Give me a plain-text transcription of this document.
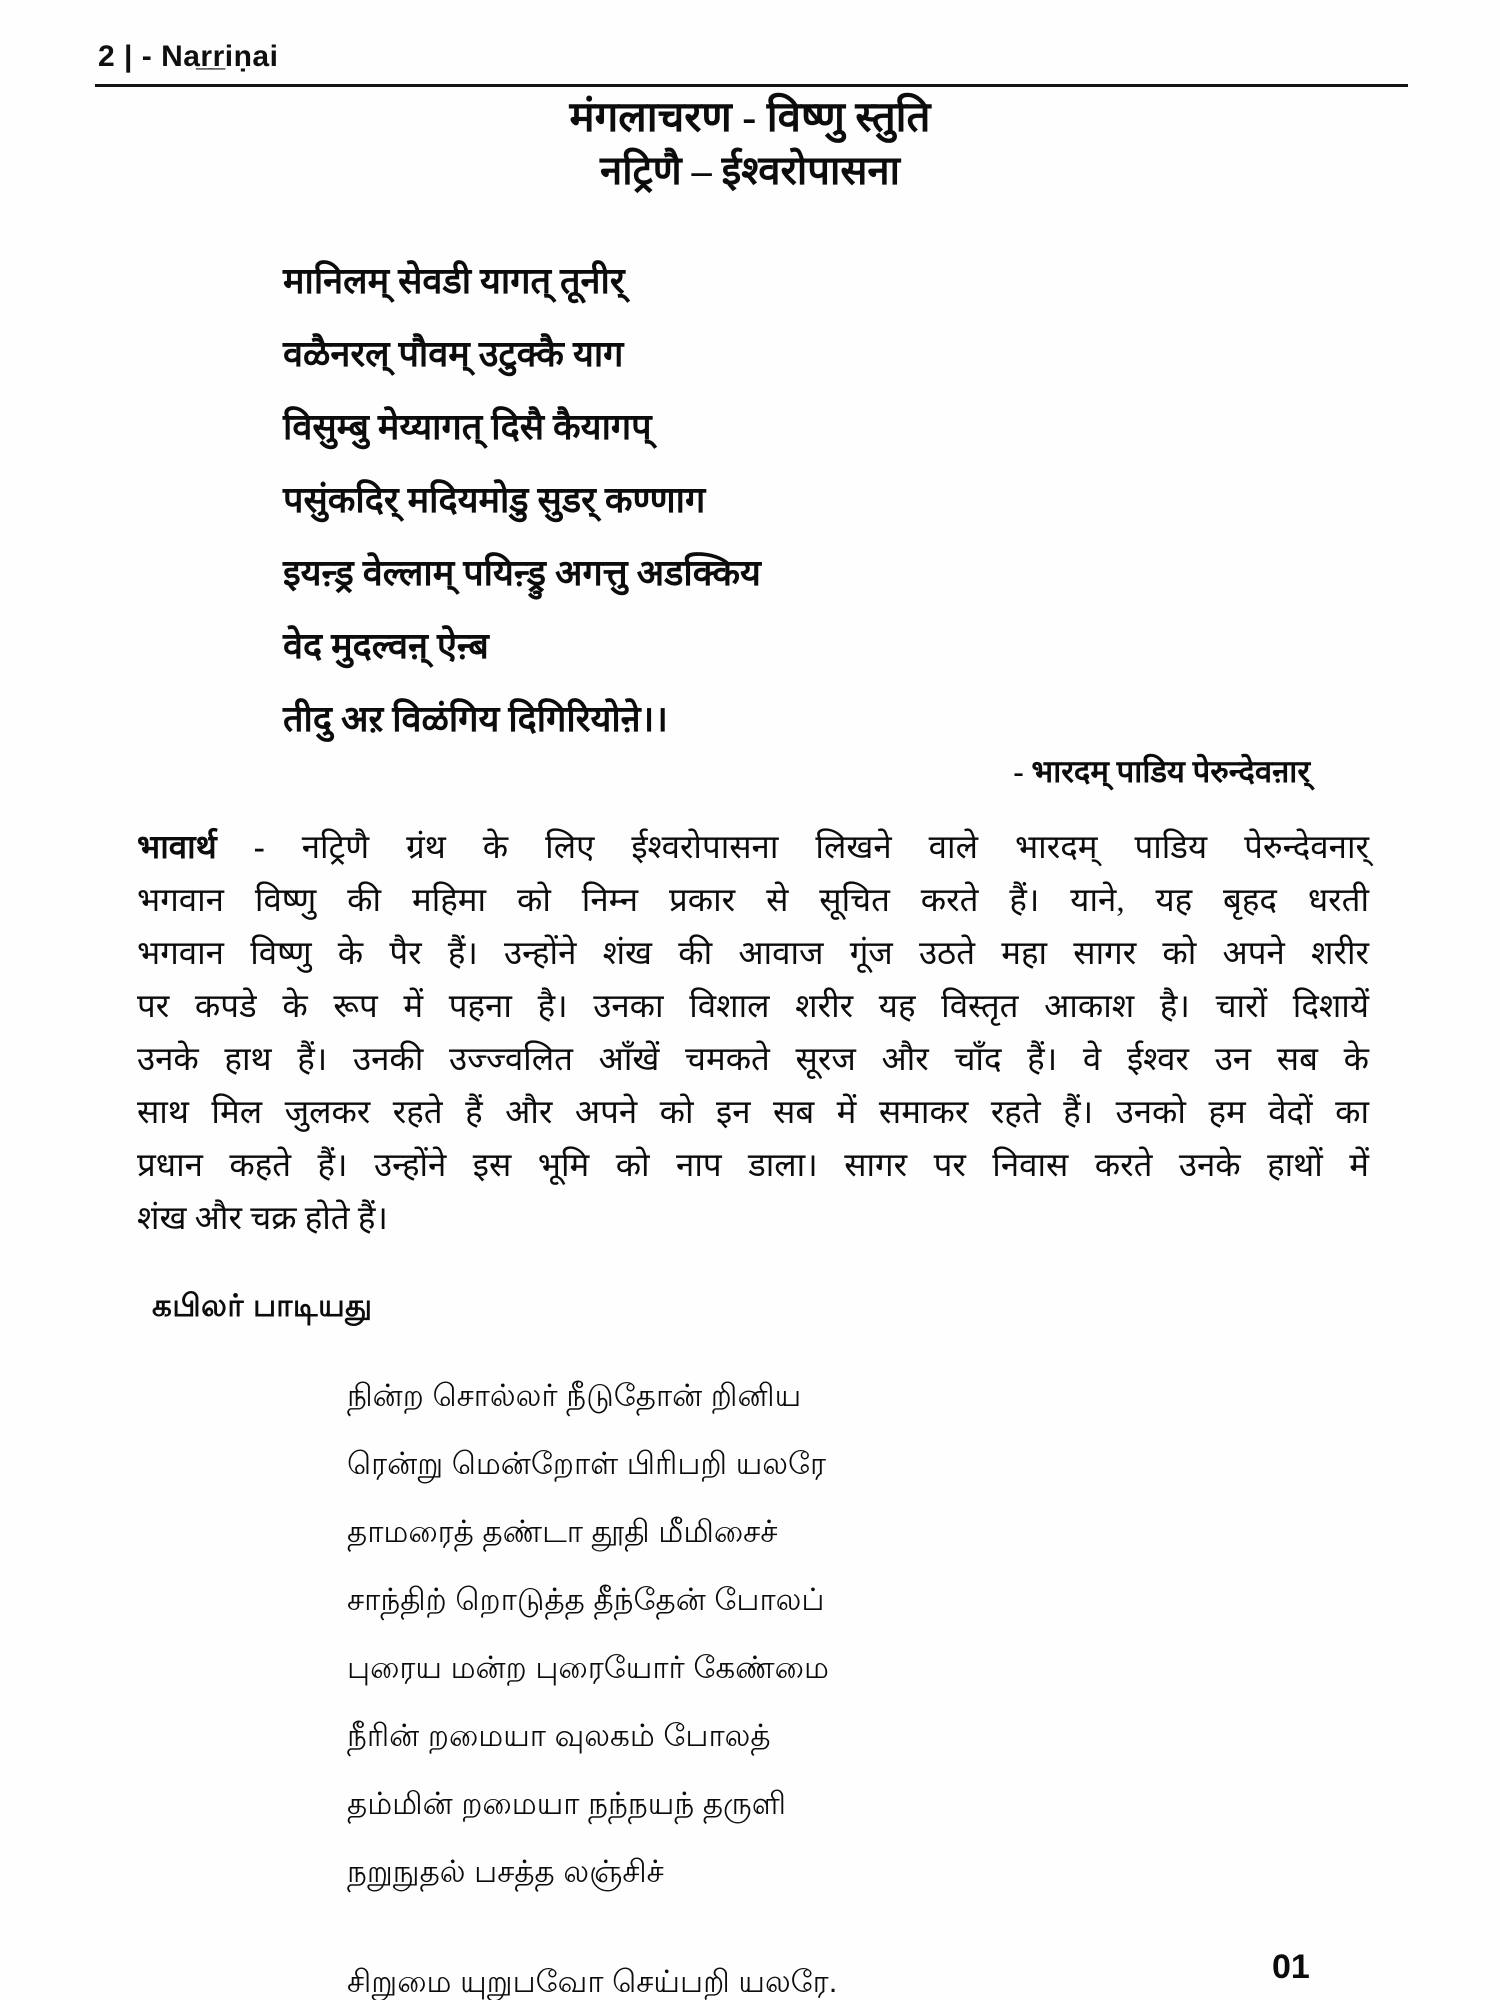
2 | - Nar̲r̲iṇai
मंगलाचरण - विष्णु स्तुति
नट्रिणै – ईश्वरोपासना
मानिलम् सेवडी यागत् तूनीर्
वळैनरल् पौवम् उटुक्कै याग
विसुम्बु मेय्यागत् दिसै कैयागप्
पसुंकदिर् मदियमोडु सुडर् कण्णाग
इयऩ्ड्र वेल्लाम् पयिऩ्ड्रु अगत्तु अडक्किय
वेद मुदल्वऩ् ऐऩ्ब
तीदु अऱ विळंगिय दिगिरियोऩे।।
- भारदम् पाडिय पेरुन्देवऩार्
भावार्थ - नट्रिणै ग्रंथ के लिए ईश्वरोपासना लिखने वाले भारदम् पाडिय पेरुन्देवनार्
भगवान विष्णु की महिमा को निम्न प्रकार से सूचित करते हैं। याने, यह बृहद धरती
भगवान विष्णु के पैर हैं। उन्होंने शंख की आवाज गूंज उठते महा सागर को अपने शरीर
पर कपडे के रूप में पहना है। उनका विशाल शरीर यह विस्तृत आकाश है। चारों दिशायें
उनके हाथ हैं। उनकी उज्ज्वलित आँखें चमकते सूरज और चाँद हैं। वे ईश्वर उन सब के
साथ मिल जुलकर रहते हैं और अपने को इन सब में समाकर रहते हैं। उनको हम वेदों का
प्रधान कहते हैं। उन्होंने इस भूमि को नाप डाला। सागर पर निवास करते उनके हाथों में
शंख और चक्र होते हैं।
கபிலர் பாடியது
நின்ற சொல்லர் நீடுதோன் றினிய
ரென்று மென்றோள் பிரிபறி யலரே
தாமரைத் தண்டா தூதி மீமிசைச்
சாந்திற் றொடுத்த தீந்தேன் போலப்
புரைய மன்ற புரையோர் கேண்மை
நீரின் றமையா வுலகம் போலத்
தம்மின் றமையா நந்நயந் தருளி
நறுநுதல் பசத்த லஞ்சிச்
சிறுமை யுறுபவோ செய்பறி யலரே.	01
